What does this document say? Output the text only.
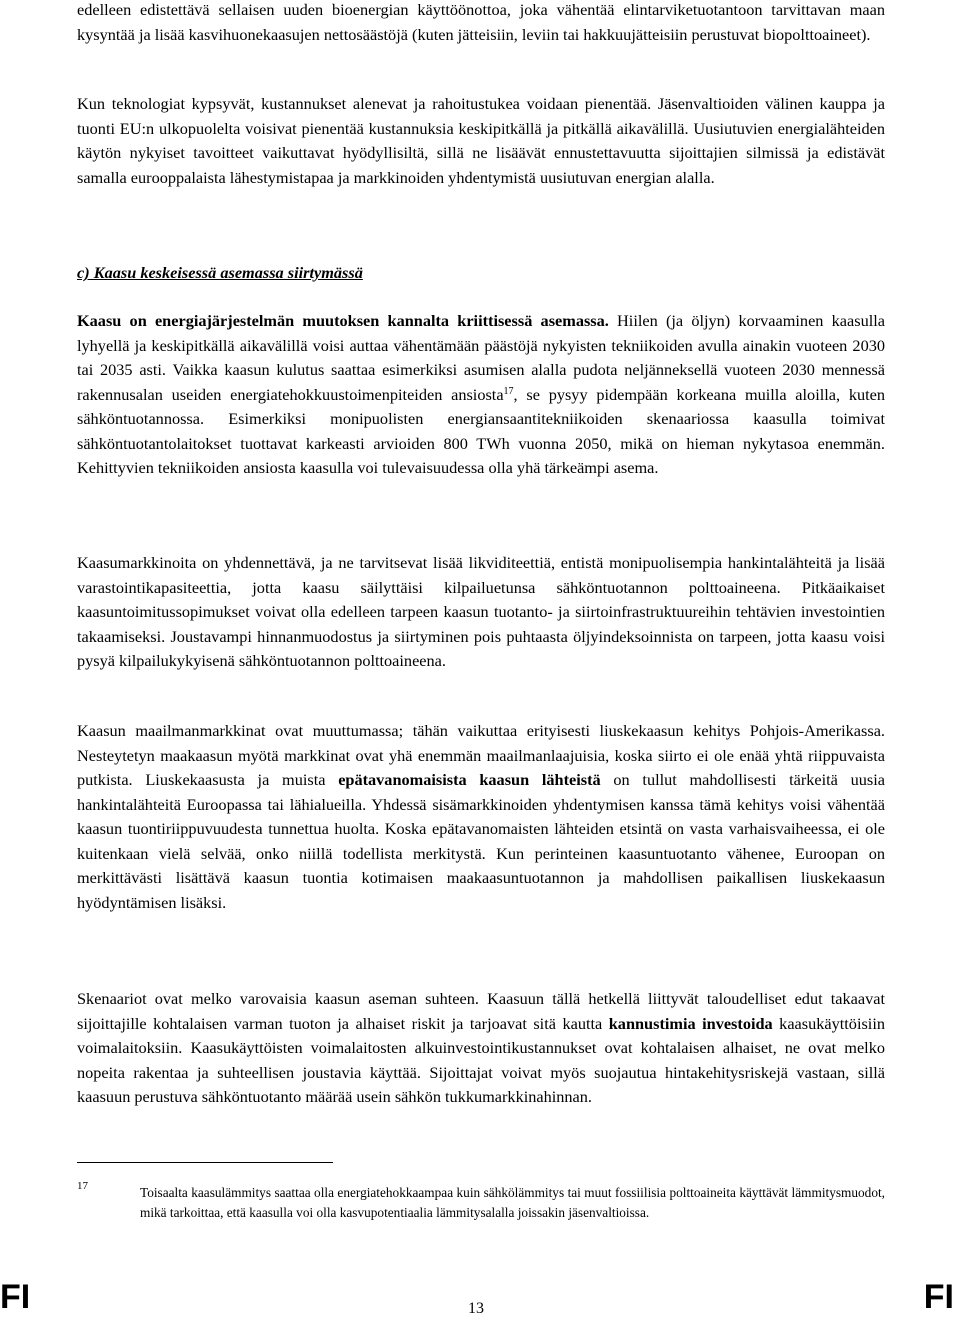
edelleen edistettävä sellaisen uuden bioenergian käyttöönottoa, joka vähentää elintarviketuotantoon tarvittavan maan kysyntää ja lisää kasvihuonekaasujen nettosäästöjä (kuten jätteisiin, leviin tai hakkuujätteisiin perustuvat biopolttoaineet).

Kun teknologiat kypsyvät, kustannukset alenevat ja rahoitustukea voidaan pienentää. Jäsenvaltioiden välinen kauppa ja tuonti EU:n ulkopuolelta voisivat pienentää kustannuksia keskipitkällä ja pitkällä aikavälillä. Uusiutuvien energialähteiden käytön nykyiset tavoitteet vaikuttavat hyödyllisiltä, sillä ne lisäävät ennustettavuutta sijoittajien silmissä ja edistävät samalla eurooppalaista lähestymistapaa ja markkinoiden yhdentymistä uusiutuvan energian alalla.

c) Kaasu keskeisessä asemassa siirtymässä

Kaasu on energiajärjestelmän muutoksen kannalta kriittisessä asemassa. Hiilen (ja öljyn) korvaaminen kaasulla lyhyellä ja keskipitkällä aikavälillä voisi auttaa vähentämään päästöjä nykyisten tekniikoiden avulla ainakin vuoteen 2030 tai 2035 asti. Vaikka kaasun kulutus saattaa esimerkiksi asumisen alalla pudota neljänneksellä vuoteen 2030 mennessä rakennusalan useiden energiatehokkuustoimenpiteiden ansiosta$^{17}$, se pysyy pidempään korkeana muilla aloilla, kuten sähköntuotannossa. Esimerkiksi monipuolisten energiansaantitekniikoiden skenaariossa kaasulla toimivat sähköntuotantolaitokset tuottavat karkeasti arvioiden 800 TWh vuonna 2050, mikä on hieman nykytasoa enemmän. Kehittyvien tekniikoiden ansiosta kaasulla voi tulevaisuudessa olla yhä tärkeämpi asema.

Kaasumarkkinoita on yhdennettävä, ja ne tarvitsevat lisää likviditeettiä, entistä monipuolisempia hankintalähteitä ja lisää varastointikapasiteettia, jotta kaasu säilyttäisi kilpailuetunsa sähköntuotannon polttoaineena. Pitkäaikaiset kaasuntoimitussopimukset voivat olla edelleen tarpeen kaasun tuotanto- ja siirtoinfrastruktuureihin tehtävien investointien takaamiseksi. Joustavampi hinnanmuodostus ja siirtyminen pois puhtaasta öljyindeksoinnista on tarpeen, jotta kaasu voisi pysyä kilpailukykyisenä sähköntuotannon polttoaineena.

Kaasun maailmanmarkkinat ovat muuttumassa; tähän vaikuttaa erityisesti liuskekaasun kehitys Pohjois-Amerikassa. Nesteytetyn maakaasun myötä markkinat ovat yhä enemmän maailmanlaajuisia, koska siirto ei ole enää yhtä riippuvaista putkista. Liuskekaasusta ja muista epätavanomaisista kaasun lähteistä on tullut mahdollisesti tärkeitä uusia hankintalähteitä Euroopassa tai lähialueilla. Yhdessä sisämarkkinoiden yhdentymisen kanssa tämä kehitys voisi vähentää kaasun tuontiriippuvuudesta tunnettua huolta. Koska epätavanomaisten lähteiden etsintä on vasta varhaisvaiheessa, ei ole kuitenkaan vielä selvää, onko niillä todellista merkitystä. Kun perinteinen kaasuntuotanto vähenee, Euroopan on merkittävästi lisättävä kaasun tuontia kotimaisen maakaasuntuotannon ja mahdollisen paikallisen liuskekaasun hyödyntämisen lisäksi.

Skenaariot ovat melko varovaisia kaasun aseman suhteen. Kaasuun tällä hetkellä liittyvät taloudelliset edut takaavat sijoittajille kohtalaisen varman tuoton ja alhaiset riskit ja tarjoavat sitä kautta kannustimia investoida kaasukäyttöisiin voimalaitoksiin. Kaasukäyttöisten voimalaitosten alkuinvestointikustannukset ovat kohtalaisen alhaiset, ne ovat melko nopeita rakentaa ja suhteellisen joustavia käyttää. Sijoittajat voivat myös suojautua hintakehitysriskejä vastaan, sillä kaasuun perustuva sähköntuotanto määrää usein sähkön tukkumarkkinahinnan.

17	Toisaalta kaasulämmitys saattaa olla energiatehokkaampaa kuin sähkölämmitys tai muut fossiilisia polttoaineita käyttävät lämmitysmuodot, mikä tarkoittaa, että kaasulla voi olla kasvupotentiaalia lämmitysalalla joissakin jäsenvaltioissa.
FI	13	FI
